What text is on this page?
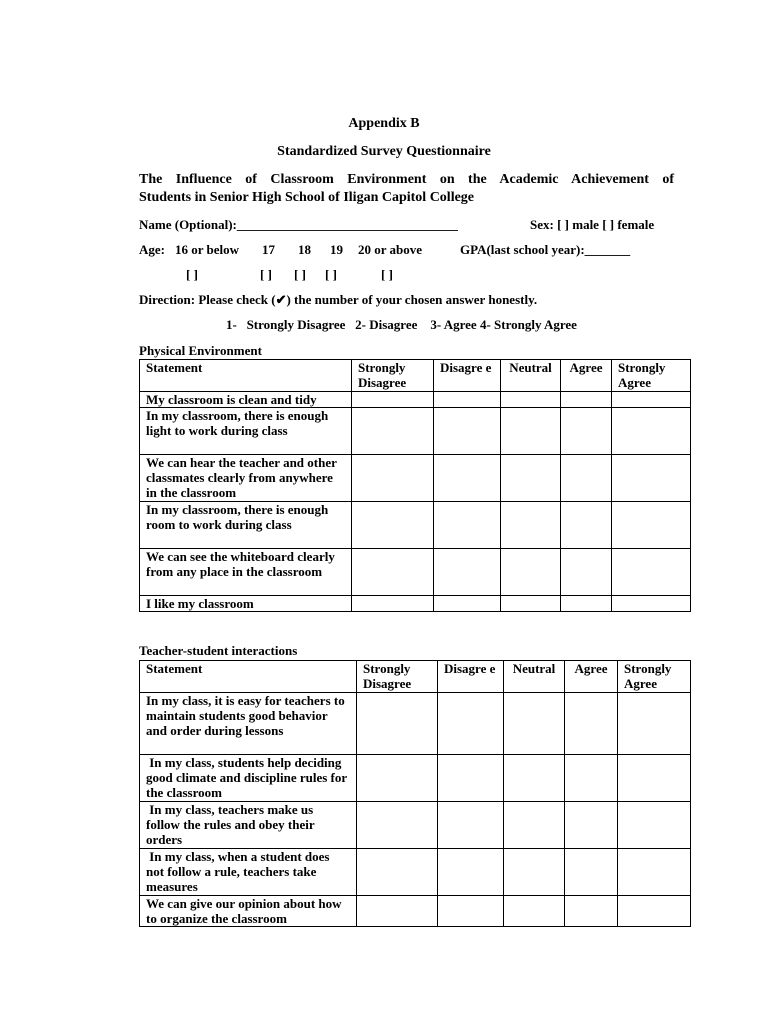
Appendix B
Standardized Survey Questionnaire
The Influence of Classroom Environment on the Academic Achievement of
Students in Senior High School of Iligan Capitol College
Name (Optional):__________________________________	Sex: [ ] male [ ] female
Age: 16 or below 17 18 19 20 or above	GPA(last school year):_______
[ ]	[ ] [ ] [ ]	[ ]
Direction: Please check (✔) the number of your chosen answer honestly.
1-   Strongly Disagree   2- Disagree    3- Agree 4- Strongly Agree
Physical Environment
Statement	Strongly Disagree	Disagre e	Neutral	Agree	Strongly Agree
My classroom is clean and tidy					
In my classroom, there is enough light to work during class					
We can hear the teacher and other classmates clearly from anywhere in the classroom					
In my classroom, there is enough room to work during class					
We can see the whiteboard clearly from any place in the classroom					
I like my classroom					
Teacher-student interactions
Statement	Strongly Disagree	Disagre e	Neutral	Agree	Strongly Agree
In my class, it is easy for teachers to maintain students good behavior and order during lessons					
In my class, students help deciding good climate and discipline rules for the classroom					
In my class, teachers make us follow the rules and obey their orders					
In my class, when a student does not follow a rule, teachers take measures					
We can give our opinion about how to organize the classroom					
